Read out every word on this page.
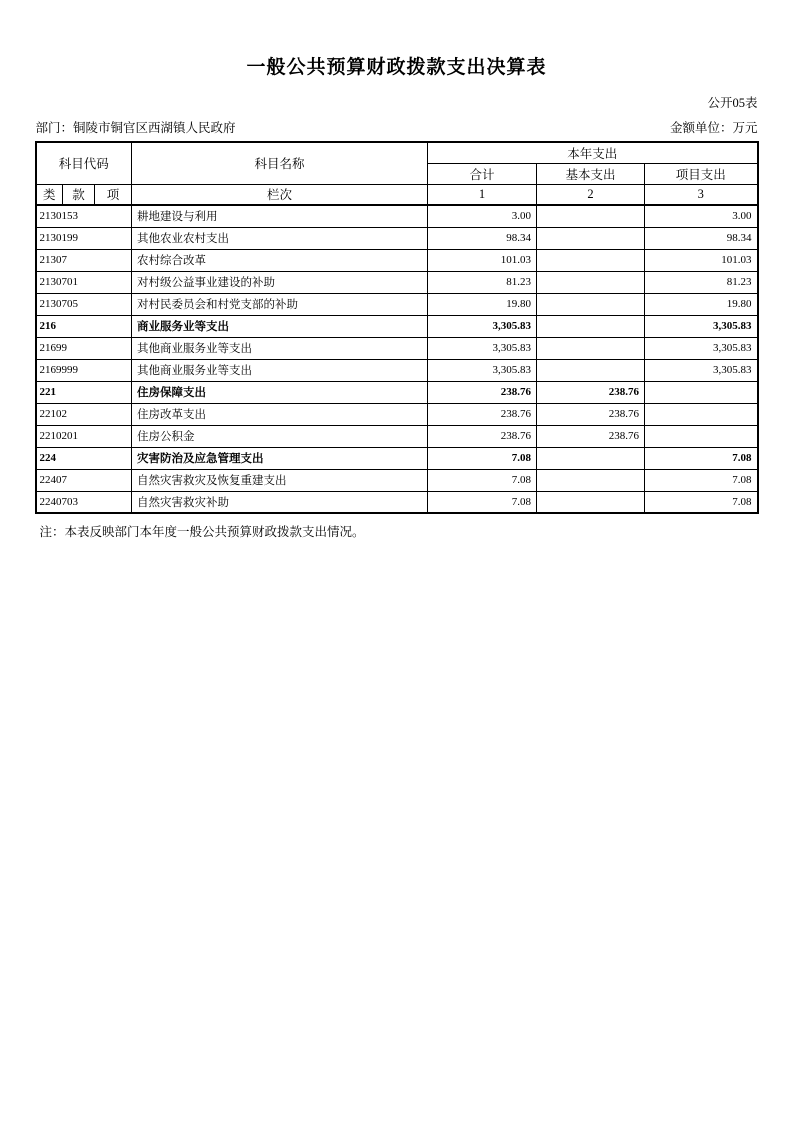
一般公共预算财政拨款支出决算表
公开05表
部门：铜陵市铜官区西湖镇人民政府	金额单位：万元
科目代码			科目名称	本年支出		
				合计	基本支出	项目支出
类	款	项	栏次	1	2	3
2130153			耕地建设与利用	3.00		3.00
2130199			其他农业农村支出	98.34		98.34
21307			农村综合改革	101.03		101.03
2130701			对村级公益事业建设的补助	81.23		81.23
2130705			对村民委员会和村党支部的补助	19.80		19.80
216			商业服务业等支出	3,305.83		3,305.83
21699			其他商业服务业等支出	3,305.83		3,305.83
2169999			其他商业服务业等支出	3,305.83		3,305.83
221			住房保障支出	238.76	238.76	
22102			住房改革支出	238.76	238.76	
2210201			住房公积金	238.76	238.76	
224			灾害防治及应急管理支出	7.08		7.08
22407			自然灾害救灾及恢复重建支出	7.08		7.08
2240703			自然灾害救灾补助	7.08		7.08
注：本表反映部门本年度一般公共预算财政拨款支出情况。
